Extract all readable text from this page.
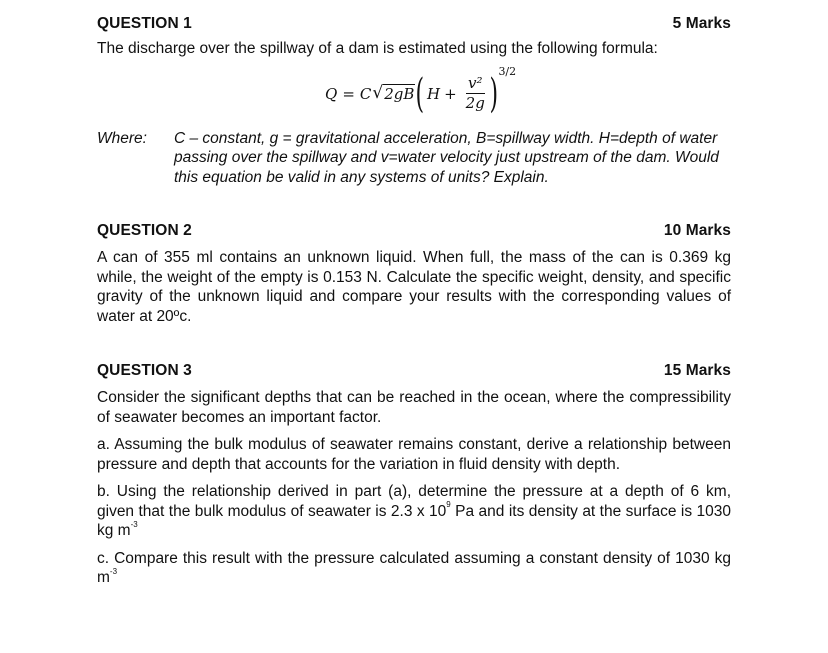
QUESTION 1	5 Marks

The discharge over the spillway of a dam is estimated using the following formula:

Q = C √ 2gB ( $H + \frac{\text{v²}}{2g}$ ) 3/2
Where:	C – constant, g = gravitational acceleration, B=spillway width. H=depth of water passing over the spillway and v=water velocity just upstream of the dam. Would this equation be valid in any systems of units? Explain.
QUESTION 2	10 Marks

A can of 355 ml contains an unknown liquid. When full, the mass of the can is 0.369 kg while, the weight of the empty is 0.153 N. Calculate the specific weight, density, and specific gravity of the unknown liquid and compare your results with the corresponding values of water at 20ºc.

QUESTION 3	15 Marks

Consider the significant depths that can be reached in the ocean, where the compressibility of seawater becomes an important factor.

a. Assuming the bulk modulus of seawater remains constant, derive a relationship between pressure and depth that accounts for the variation in fluid density with depth.

b. Using the relationship derived in part (a), determine the pressure at a depth of 6 km, given that the bulk modulus of seawater is 2.3 x $10^9$ Pa and its density at the surface is 1030 kg $m^{-3}$

c. Compare this result with the pressure calculated assuming a constant density of 1030 kg $m^{-3}$
